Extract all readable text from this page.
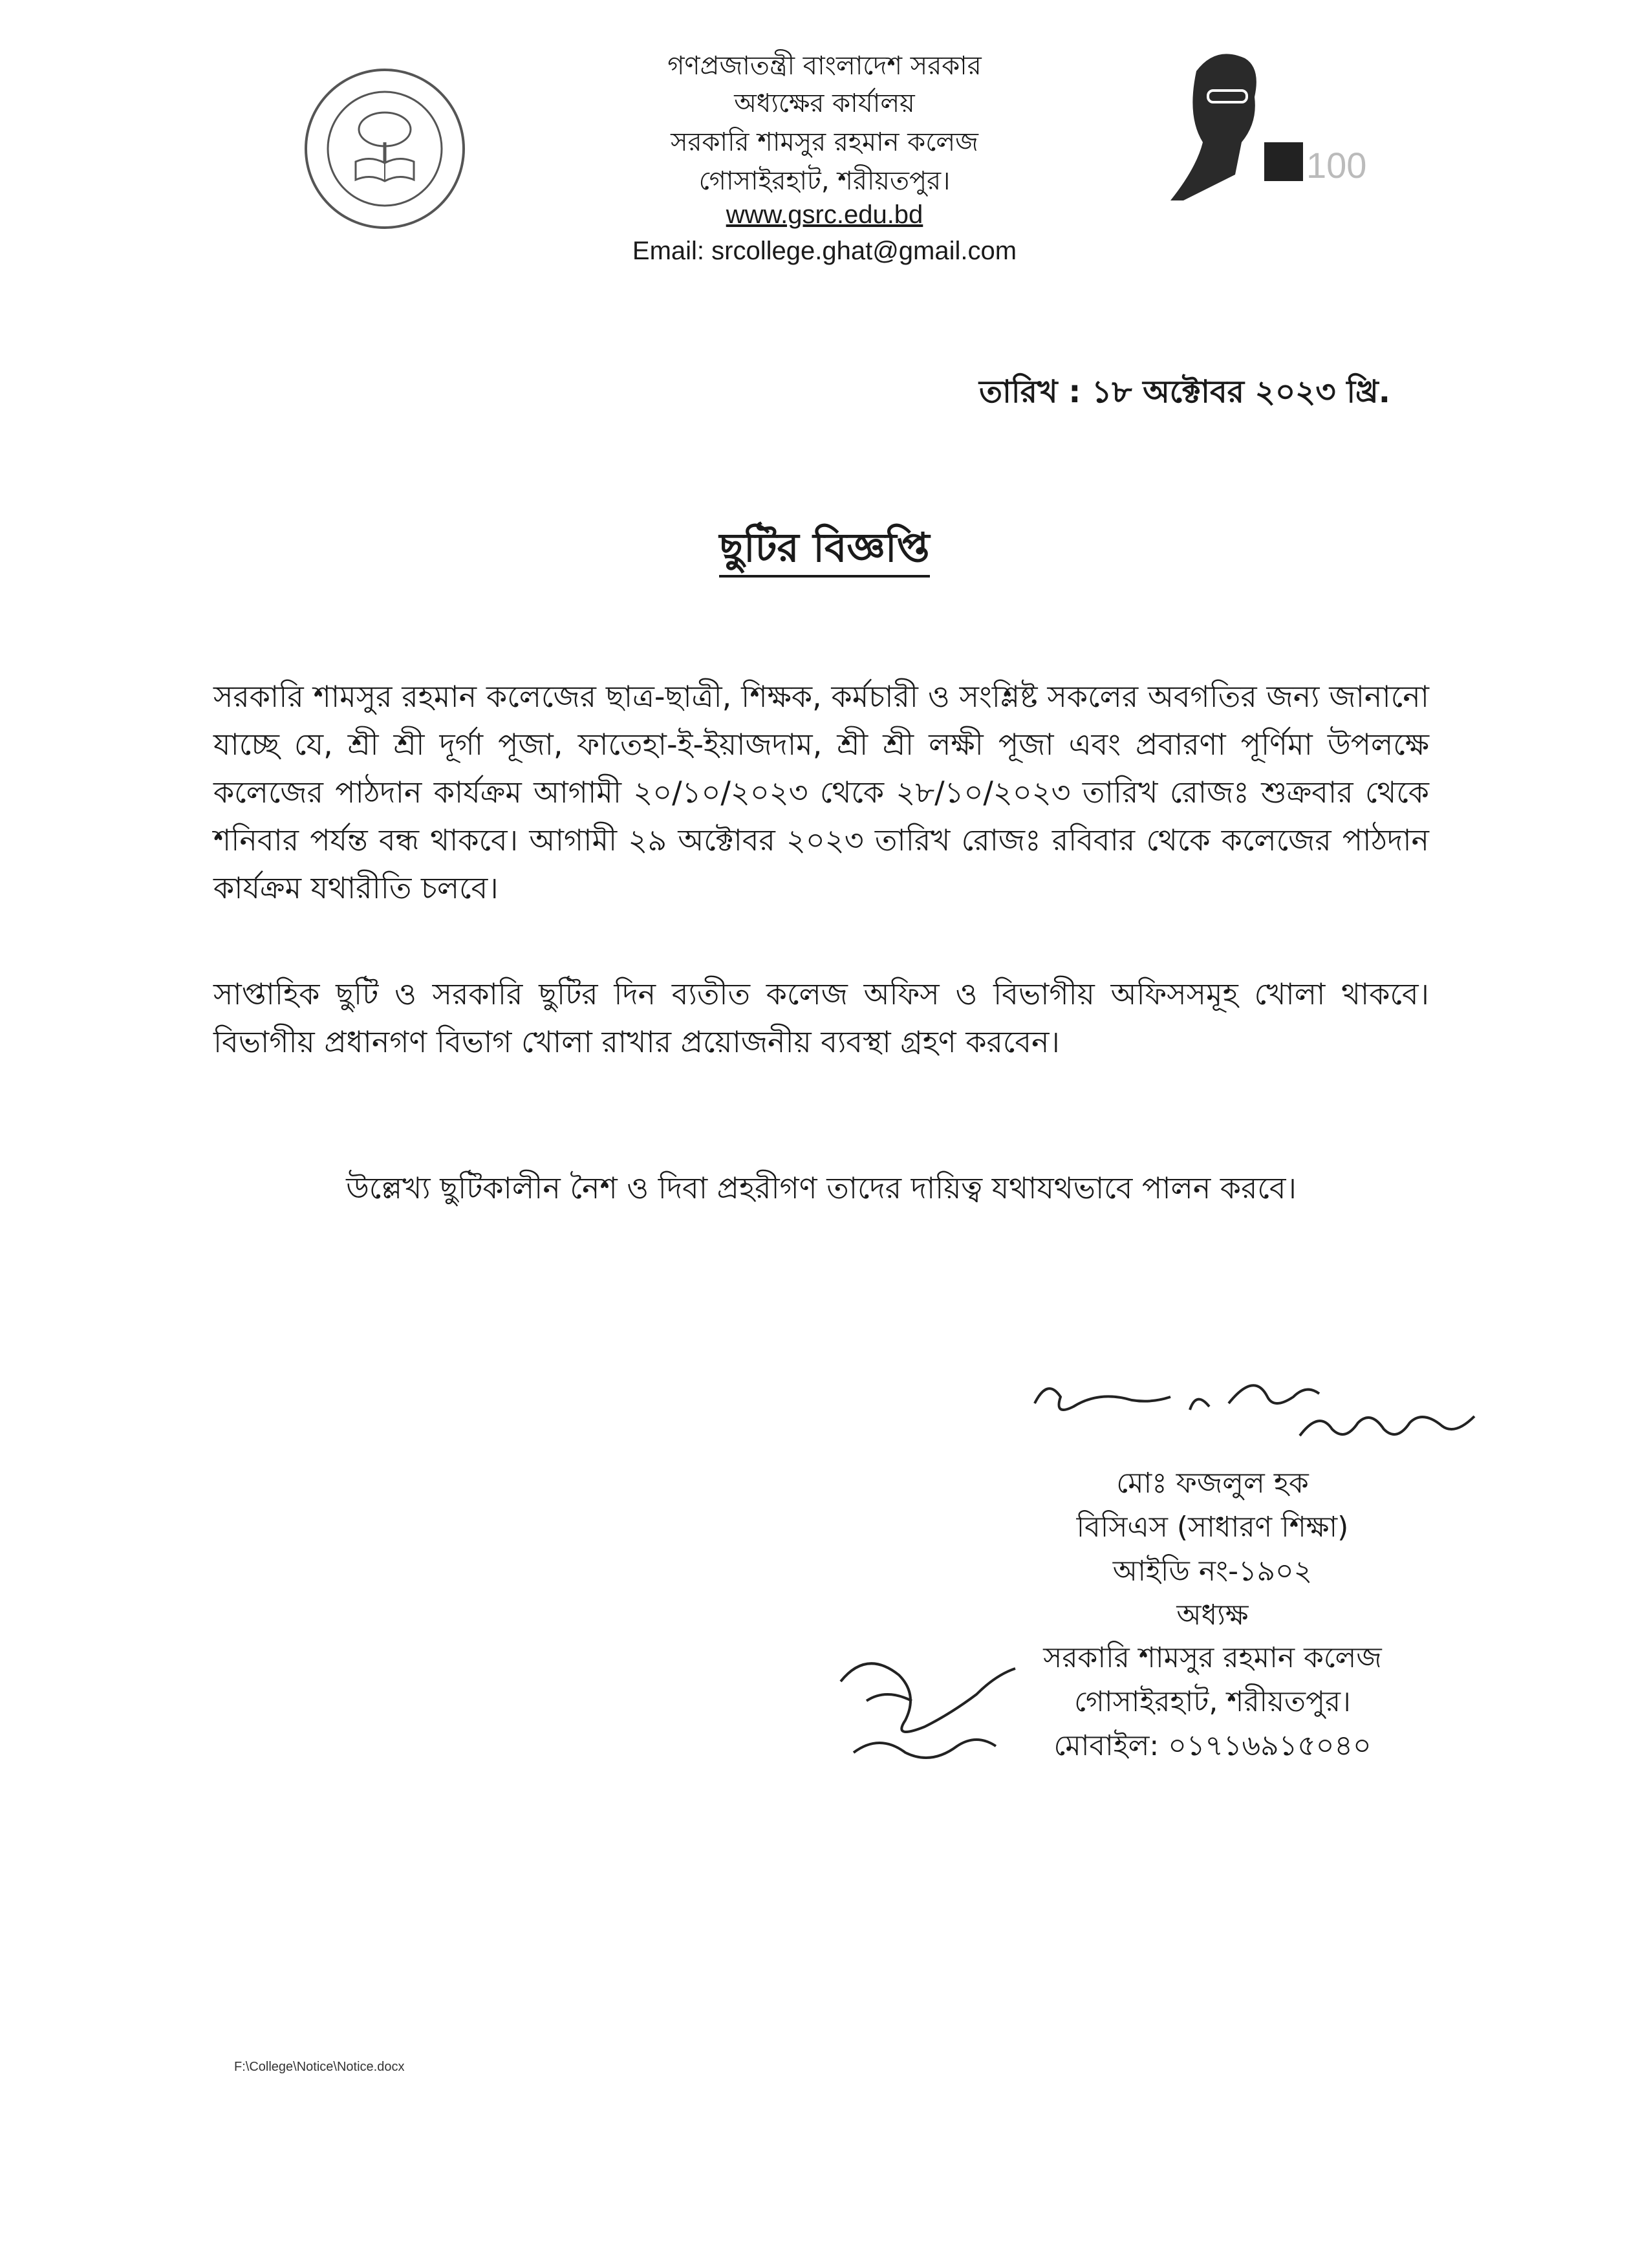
100
গণপ্রজাতন্ত্রী বাংলাদেশ সরকার
অধ্যক্ষের কার্যালয়
সরকারি শামসুর রহমান কলেজ
গোসাইরহাট, শরীয়তপুর।
www.gsrc.edu.bd
Email: srcollege.ghat@gmail.com
তারিখ : ১৮ অক্টোবর ২০২৩ খ্রি.
ছুটির বিজ্ঞপ্তি
সরকারি শামসুর রহমান কলেজের ছাত্র-ছাত্রী, শিক্ষক, কর্মচারী ও সংশ্লিষ্ট সকলের অবগতির জন্য জানানো যাচ্ছে যে, শ্রী শ্রী দূর্গা পূজা, ফাতেহা-ই-ইয়াজদাম, শ্রী শ্রী লক্ষী পূজা এবং প্রবারণা পূর্ণিমা উপলক্ষে কলেজের পাঠদান কার্যক্রম আগামী ২০/১০/২০২৩ থেকে ২৮/১০/২০২৩ তারিখ রোজঃ শুক্রবার থেকে শনিবার পর্যন্ত বন্ধ থাকবে। আগামী ২৯ অক্টোবর ২০২৩ তারিখ রোজঃ রবিবার থেকে কলেজের পাঠদান কার্যক্রম যথারীতি চলবে।
সাপ্তাহিক ছুটি ও সরকারি ছুটির দিন ব্যতীত কলেজ অফিস ও বিভাগীয় অফিসসমূহ খোলা থাকবে। বিভাগীয় প্রধানগণ বিভাগ খোলা রাখার প্রয়োজনীয় ব্যবস্থা গ্রহণ করবেন।
উল্লেখ্য ছুটিকালীন নৈশ ও দিবা প্রহরীগণ তাদের দায়িত্ব যথাযথভাবে পালন করবে।
মোঃ ফজলুল হক
বিসিএস (সাধারণ শিক্ষা)
আইডি নং-১৯০২
অধ্যক্ষ
সরকারি শামসুর রহমান কলেজ
গোসাইরহাট, শরীয়তপুর।
মোবাইল: ০১৭১৬৯১৫০৪০
F:\College\Notice\Notice.docx
